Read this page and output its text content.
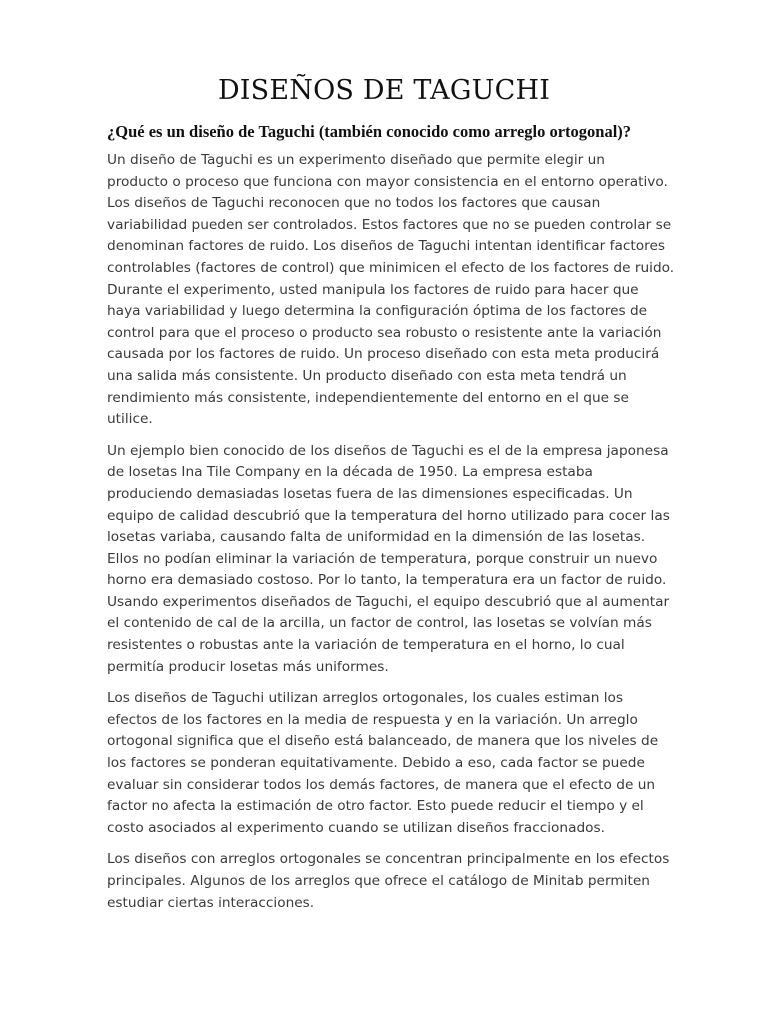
DISEÑOS DE TAGUCHI
¿Qué es un diseño de Taguchi (también conocido como arreglo ortogonal)?

Un diseño de Taguchi es un experimento diseñado que permite elegir un
producto o proceso que funciona con mayor consistencia en el entorno operativo.
Los diseños de Taguchi reconocen que no todos los factores que causan
variabilidad pueden ser controlados. Estos factores que no se pueden controlar se
denominan factores de ruido. Los diseños de Taguchi intentan identificar factores
controlables (factores de control) que minimicen el efecto de los factores de ruido.
Durante el experimento, usted manipula los factores de ruido para hacer que
haya variabilidad y luego determina la configuración óptima de los factores de
control para que el proceso o producto sea robusto o resistente ante la variación
causada por los factores de ruido. Un proceso diseñado con esta meta producirá
una salida más consistente. Un producto diseñado con esta meta tendrá un
rendimiento más consistente, independientemente del entorno en el que se
utilice.

Un ejemplo bien conocido de los diseños de Taguchi es el de la empresa japonesa
de losetas Ina Tile Company en la década de 1950. La empresa estaba
produciendo demasiadas losetas fuera de las dimensiones especificadas. Un
equipo de calidad descubrió que la temperatura del horno utilizado para cocer las
losetas variaba, causando falta de uniformidad en la dimensión de las losetas.
Ellos no podían eliminar la variación de temperatura, porque construir un nuevo
horno era demasiado costoso. Por lo tanto, la temperatura era un factor de ruido.
Usando experimentos diseñados de Taguchi, el equipo descubrió que al aumentar
el contenido de cal de la arcilla, un factor de control, las losetas se volvían más
resistentes o robustas ante la variación de temperatura en el horno, lo cual
permitía producir losetas más uniformes.

Los diseños de Taguchi utilizan arreglos ortogonales, los cuales estiman los
efectos de los factores en la media de respuesta y en la variación. Un arreglo
ortogonal significa que el diseño está balanceado, de manera que los niveles de
los factores se ponderan equitativamente. Debido a eso, cada factor se puede
evaluar sin considerar todos los demás factores, de manera que el efecto de un
factor no afecta la estimación de otro factor. Esto puede reducir el tiempo y el
costo asociados al experimento cuando se utilizan diseños fraccionados.

Los diseños con arreglos ortogonales se concentran principalmente en los efectos
principales. Algunos de los arreglos que ofrece el catálogo de Minitab permiten
estudiar ciertas interacciones.
